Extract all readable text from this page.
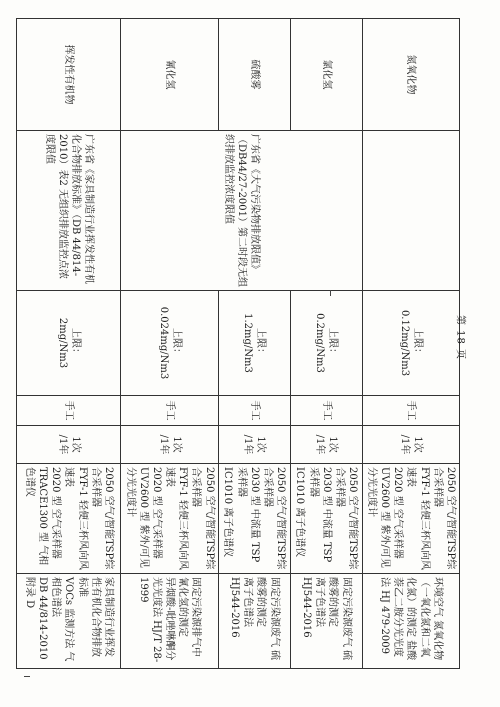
氮氧化物		上限：
0.12mg/Nm3	手工	1次
/1年	2050 空气/智能TSP综合采样器
FYF-1 轻便三杯风向风速表
2020 型 空气采样器
UV2600 型 紫外/可见分光光度计	环境空气 氮氧化物（一氧化氮和二氧化氮）的测定 盐酸萘乙二胺分光光度法 HJ 479-2009

氯化氢	广东省《大气污染物排放限值》（DB44/27-2001）第二时段无组织排放监控浓度限值	上限：
0.2mg/Nm3	手工	1次
/1年	2050 空气/智能TSP综合采样器
2030 型 中流量 TSP 采样器
IC1010 离子色谱仪	固定污染源废气 硫酸雾的测定
离子色谱法 HJ544-2016

硫酸雾		上限：
1.2mg/Nm3	手工	1次
/1年	2050 空气/智能TSP综合采样器
2030 型 中流量 TSP 采样器
IC1010 离子色谱仪	固定污染源废气 硫酸雾的测定
离子色谱法 HJ544-2016

氰化氢		上限：
0.024mg/Nm3	手工	1次
/1年	2050 空气/智能TSP综合采样器
FYF-1 轻便三杯风向风速表
2020 型 空气采样器
UV2600 型 紫外/可见分光光度计	固定污染源排气中氰化氢的测定
异烟酸-吡唑啉酮分光光度法 HJ/T 28-1999

挥发性有机物	广东省《家具制造行业挥发性有机化合物排放标准》（DB 44/814-2010）表2 无组织排放监控点浓度限值	上限：
2mg/Nm3	手工	1次
/1年	2050 空气/智能TSP综合采样器
FYF-1 轻便三杯风向风速表
2020 型 空气采样器
TRACE1300 型 气相色谱仪	家具制造行业挥发性有机化合物排放标准
VOCs 监测方法 气相色谱法
DB 44/814-2010 附录 D
第 18 页
